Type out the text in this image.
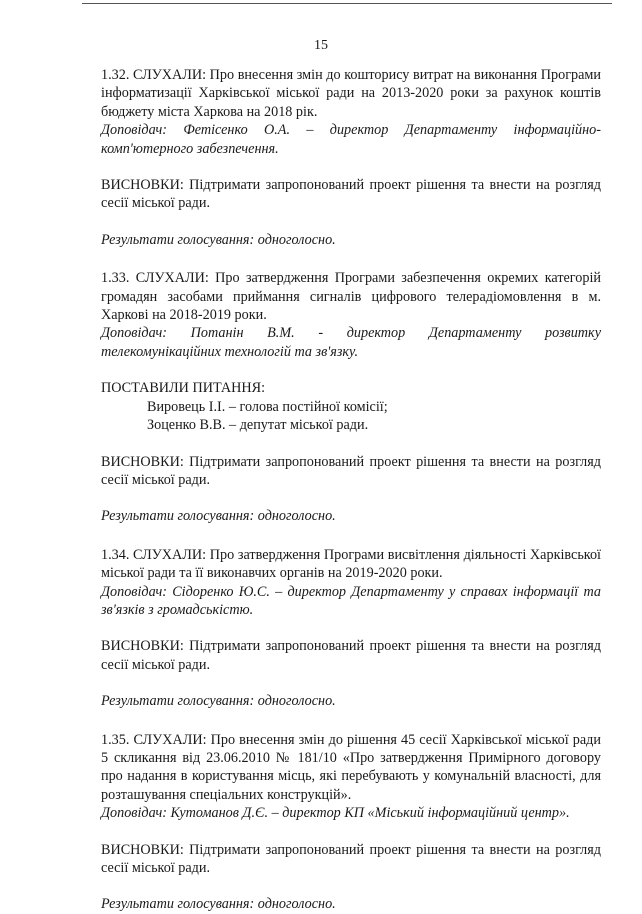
15

1.32. СЛУХАЛИ: Про внесення змін до кошторису витрат на виконання Програми інформатизації Харківської міської ради на 2013-2020 роки за рахунок коштів бюджету міста Харкова на 2018 рік.

Доповідач: Фетісенко О.А. – директор Департаменту інформаційно-комп'ютерного забезпечення.

ВИСНОВКИ: Підтримати запропонований проект рішення та внести на розгляд сесії міської ради.

Результати голосування: одноголосно.

1.33. СЛУХАЛИ: Про затвердження Програми забезпечення окремих категорій громадян засобами приймання сигналів цифрового телерадіомовлення в м. Харкові на 2018-2019 роки.

Доповідач: Потанін В.М. - директор Департаменту розвитку телекомунікаційних технологій та зв'язку.

ПОСТАВИЛИ ПИТАННЯ:

Вировець І.І. – голова постійної комісії;

Зоценко В.В. – депутат міської ради.

ВИСНОВКИ: Підтримати запропонований проект рішення та внести на розгляд сесії міської ради.

Результати голосування: одноголосно.

1.34. СЛУХАЛИ: Про затвердження Програми висвітлення діяльності Харківської міської ради та її виконавчих органів на 2019-2020 роки.

Доповідач: Сідоренко Ю.С. – директор Департаменту у справах інформації та зв'язків з громадськістю.

ВИСНОВКИ: Підтримати запропонований проект рішення та внести на розгляд сесії міської ради.

Результати голосування: одноголосно.

1.35. СЛУХАЛИ: Про внесення змін до рішення 45 сесії Харківської міської ради 5 скликання від 23.06.2010 № 181/10 «Про затвердження Примірного договору про надання в користування місць, які перебувають у комунальній власності, для розташування спеціальних конструкцій».

Доповідач: Кутоманов Д.Є. – директор КП «Міський інформаційний центр».

ВИСНОВКИ: Підтримати запропонований проект рішення та внести на розгляд сесії міської ради.

Результати голосування: одноголосно.
